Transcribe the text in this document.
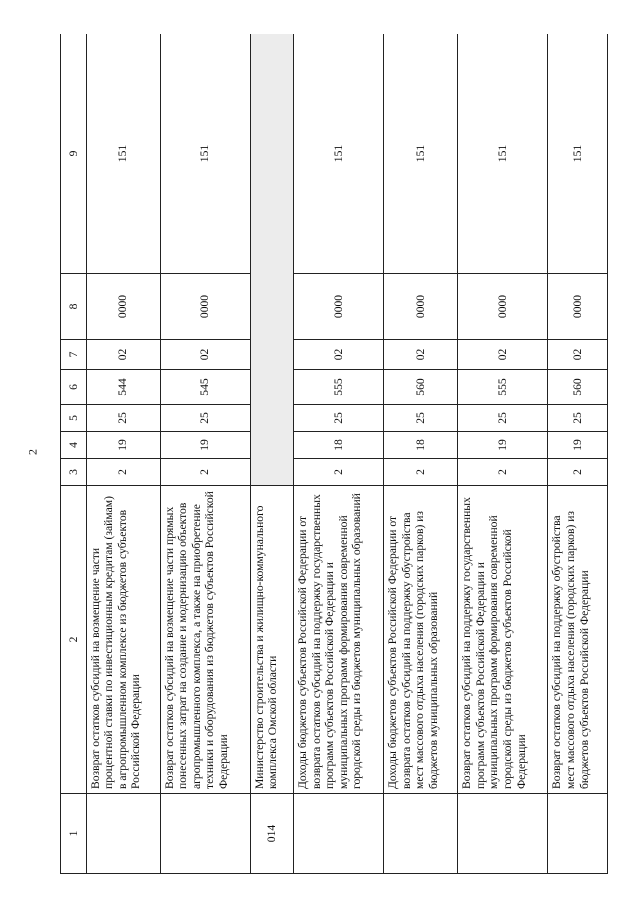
2
1	2	3	4	5	6	7	8	9
	Возврат остатков субсидий на возмещение части процентной ставки по инвестиционным кредитам (займам) в агропромышленном комплексе из бюджетов субъектов Российской Федерации	2	19	25	544	02	0000	151
	Возврат остатков субсидий на возмещение части прямых понесенных затрат на создание и модернизацию объектов агропромышленного комплекса, а также на приобретение техники и оборудования из бюджетов субъектов Российской Федерации	2	19	25	545	02	0000	151
014	Министерство строительства и жилищно-коммунального комплекса Омской области							
	Доходы бюджетов субъектов Российской Федерации от возврата остатков субсидий на поддержку государственных программ субъектов Российской Федерации и муниципальных программ формирования современной городской среды из бюджетов муниципальных образований	2	18	25	555	02	0000	151
	Доходы бюджетов субъектов Российской Федерации от возврата остатков субсидий на поддержку обустройства мест массового отдыха населения (городских парков) из бюджетов муниципальных образований	2	18	25	560	02	0000	151
	Возврат остатков субсидий на поддержку государственных программ субъектов Российской Федерации и муниципальных программ формирования современной городской среды из бюджетов субъектов Российской Федерации	2	19	25	555	02	0000	151
	Возврат остатков субсидий на поддержку обустройства мест массового отдыха населения (городских парков) из бюджетов субъектов Российской Федерации	2	19	25	560	02	0000	151
